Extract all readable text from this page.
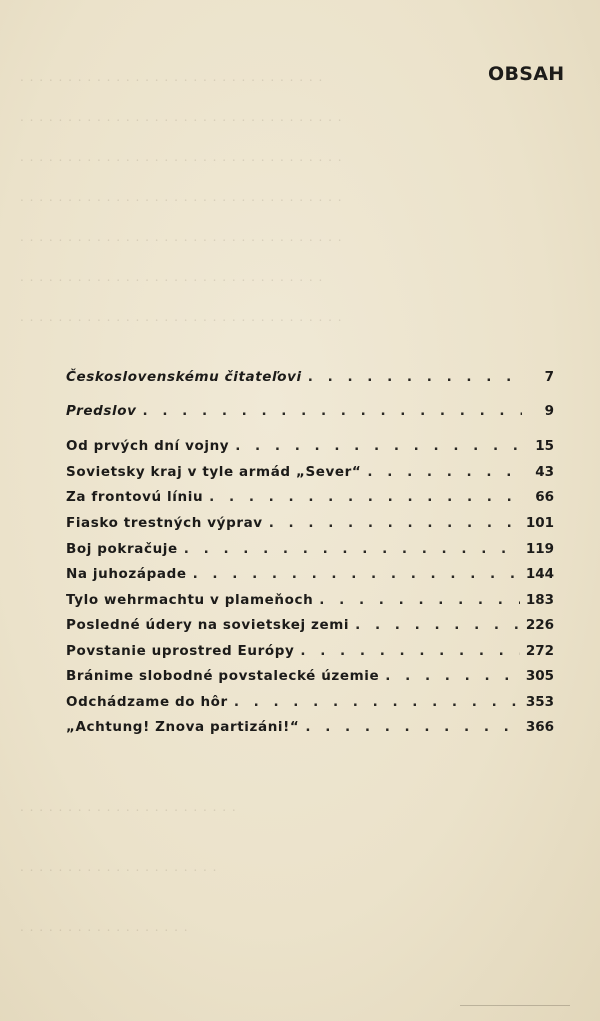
. . . . . . . . . . . . . . . . . . . . . . . . . . . . . . . .
. . . . . . . . . . . . . . . . . . . . . . . . . . . . . . . . . .
. . . . . . . . . . . . . . . . . . . . . . . . . . . . . . . . . .
. . . . . . . . . . . . . . . . . . . . . . . . . . . . . . . . . .
. . . . . . . . . . . . . . . . . . . . . . . . . . . . . . . . . .
. . . . . . . . . . . . . . . . . . . . . . . . . . . . . . . .
. . . . . . . . . . . . . . . . . . . . . . . . . . . . . . . . . .
. . . . . . . . . . . . . . . . . . . . . . .
. . . . . . . . . . . . . . . . . . . . .
. . . . . . . . . . . . . . . . . .
OBSAH
Československému čitateľovi . . .	7
Predslov . . .	9
Od prvých dní vojny . . .	15
Sovietsky kraj v tyle armád „Sever“ . . .	43
Za frontovú líniu . . .	66
Fiasko trestných výprav . . .	101
Boj pokračuje . . .	119
Na juhozápade . . .	144
Tylo wehrmachtu v plameňoch . . .	183
Posledné údery na sovietskej zemi . . .	226
Povstanie uprostred Európy . . .	272
Bránime slobodné povstalecké územie . . .	305
Odchádzame do hôr . . .	353
„Achtung! Znova partizáni!“ . . .	366
